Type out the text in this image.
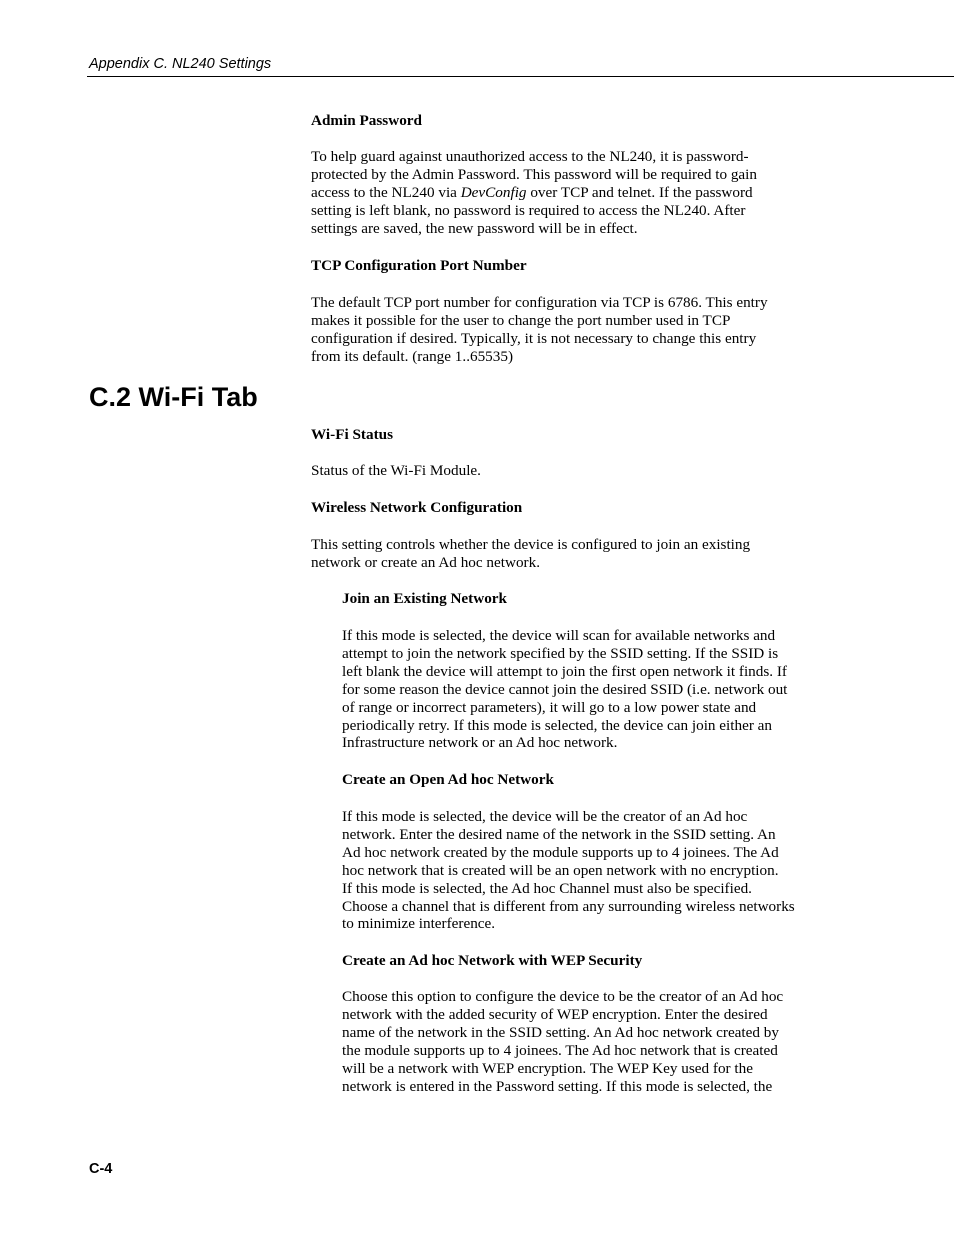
Appendix C. NL240 Settings
Admin Password
To help guard against unauthorized access to the NL240, it is password-
protected by the Admin Password. This password will be required to gain
access to the NL240 via DevConfig over TCP and telnet. If the password
setting is left blank, no password is required to access the NL240. After
settings are saved, the new password will be in effect.
TCP Configuration Port Number
The default TCP port number for configuration via TCP is 6786. This entry
makes it possible for the user to change the port number used in TCP
configuration if desired. Typically, it is not necessary to change this entry
from its default. (range 1..65535)
C.2 Wi-Fi Tab
Wi-Fi Status
Status of the Wi-Fi Module.
Wireless Network Configuration
This setting controls whether the device is configured to join an existing
network or create an Ad hoc network.
Join an Existing Network
If this mode is selected, the device will scan for available networks and
attempt to join the network specified by the SSID setting. If the SSID is
left blank the device will attempt to join the first open network it finds. If
for some reason the device cannot join the desired SSID (i.e. network out
of range or incorrect parameters), it will go to a low power state and
periodically retry. If this mode is selected, the device can join either an
Infrastructure network or an Ad hoc network.
Create an Open Ad hoc Network
If this mode is selected, the device will be the creator of an Ad hoc
network. Enter the desired name of the network in the SSID setting. An
Ad hoc network created by the module supports up to 4 joinees. The Ad
hoc network that is created will be an open network with no encryption.
If this mode is selected, the Ad hoc Channel must also be specified.
Choose a channel that is different from any surrounding wireless networks
to minimize interference.
Create an Ad hoc Network with WEP Security
Choose this option to configure the device to be the creator of an Ad hoc
network with the added security of WEP encryption. Enter the desired
name of the network in the SSID setting. An Ad hoc network created by
the module supports up to 4 joinees. The Ad hoc network that is created
will be a network with WEP encryption. The WEP Key used for the
network is entered in the Password setting. If this mode is selected, the
C-4
